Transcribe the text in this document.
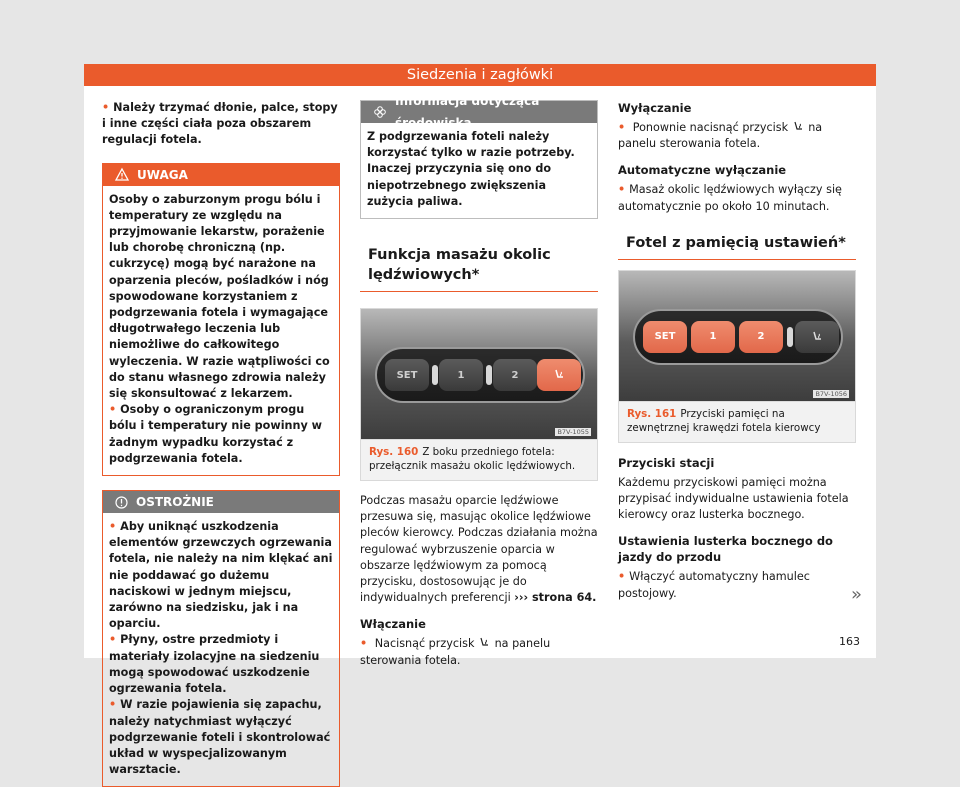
Siedzenia i zagłówki

• Należy trzymać dłonie, palce, stopy i inne części ciała poza obszarem regulacji fotela.

UWAGA

Osoby o zaburzonym progu bólu i temperatury ze względu na przyjmowanie lekarstw, porażenie lub chorobę chroniczną (np. cukrzycę) mogą być narażone na oparzenia pleców, pośladków i nóg spowodowane korzystaniem z podgrzewania fotela i wymagające długotrwałego leczenia lub niemożliwe do całkowitego wyleczenia. W razie wątpliwości co do stanu własnego zdrowia należy się skonsultować z lekarzem.

• Osoby o ograniczonym progu bólu i temperatury nie powinny w żadnym wypadku korzystać z podgrzewania fotela.

OSTROŻNIE

• Aby uniknąć uszkodzenia elementów grzewczych ogrzewania fotela, nie należy na nim klękać ani nie poddawać go dużemu naciskowi w jednym miejscu, zarówno na siedzisku, jak i na oparciu.

• Płyny, ostre przedmioty i materiały izolacyjne na siedzeniu mogą spowodować uszkodzenie ogrzewania fotela.

• W razie pojawienia się zapachu, należy natychmiast wyłączyć podgrzewanie foteli i skontrolować układ w wyspecjalizowanym warsztacie.

Informacja dotycząca środowiska

Z podgrzewania foteli należy korzystać tylko w razie potrzeby. Inaczej przyczynia się ono do niepotrzebnego zwiększenia zużycia paliwa.

Funkcja masażu okolic lędźwiowych*
SET	1	2
B7V-1055
Rys. 160 Z boku przedniego fotela: przełącznik masażu okolic lędźwiowych.

Podczas masażu oparcie lędźwiowe przesuwa się, masując okolice lędźwiowe pleców kierowcy. Podczas działania można regulować wybrzuszenie oparcia w obszarze lędźwiowym za pomocą przycisku, dostosowując je do indywidualnych preferencji ››› strona 64.

Włączanie

• Nacisnąć przycisk na panelu sterowania fotela.

Wyłączanie

• Ponownie nacisnąć przycisk na panelu sterowania fotela.

Automatyczne wyłączanie

• Masaż okolic lędźwiowych wyłączy się automatycznie po około 10 minutach.

Fotel z pamięcią ustawień*
SET	1	2
B7V-1056
Rys. 161 Przyciski pamięci na zewnętrznej krawędzi fotela kierowcy

Przyciski stacji

Każdemu przyciskowi pamięci można przypisać indywidualne ustawienia fotela kierowcy oraz lusterka bocznego.

Ustawienia lusterka bocznego do jazdy do przodu

• Włączyć automatyczny hamulec postojowy.	»
163
